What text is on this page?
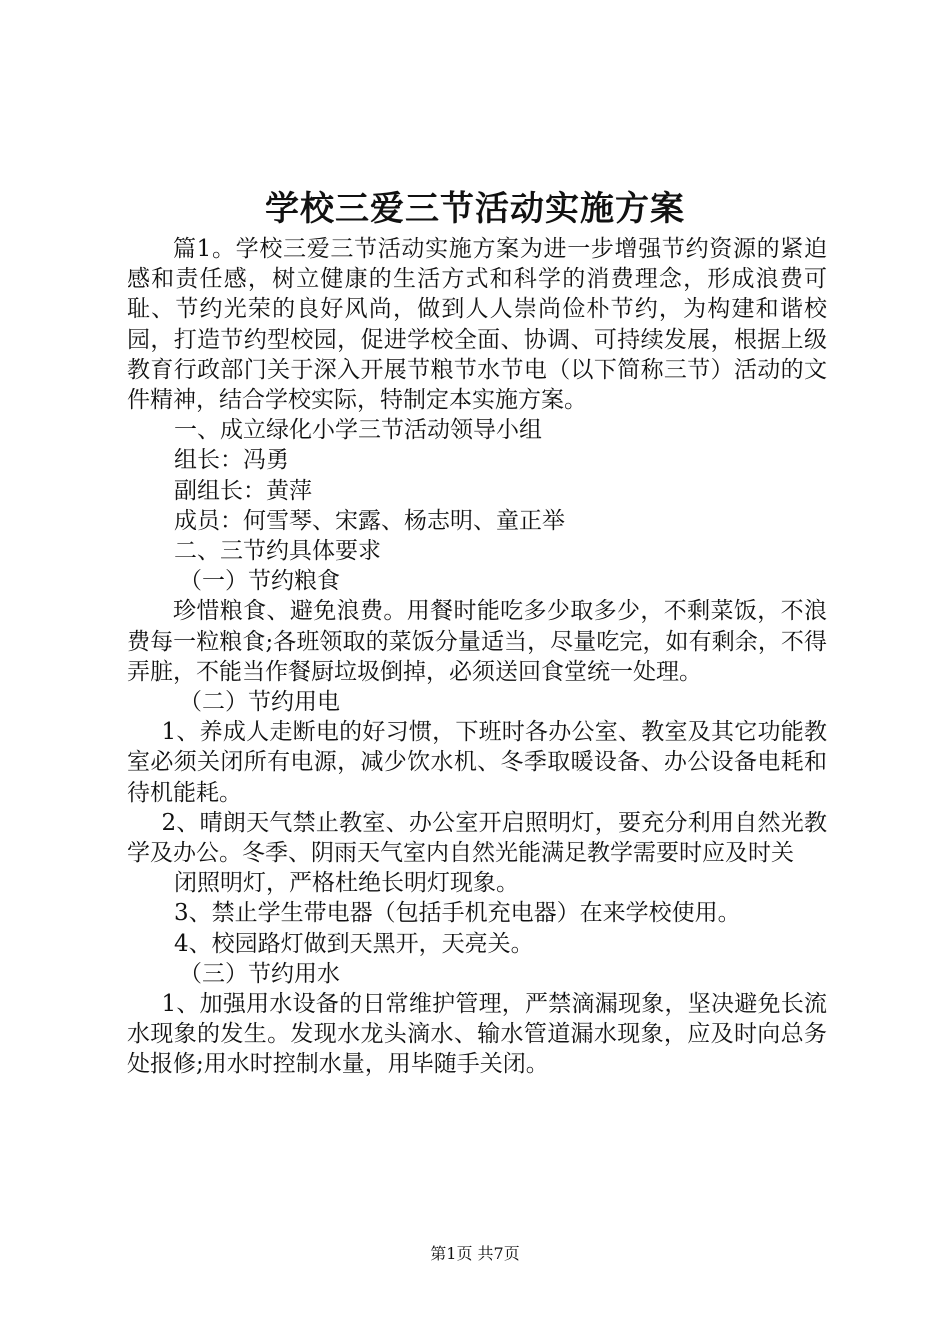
学校三爱三节活动实施方案

篇1。学校三爱三节活动实施方案为进一步增强节约资源的紧迫感和责任感，树立健康的生活方式和科学的消费理念，形成浪费可耻、节约光荣的良好风尚，做到人人崇尚俭朴节约，为构建和谐校园，打造节约型校园，促进学校全面、协调、可持续发展，根据上级教育行政部门关于深入开展节粮节水节电（以下简称三节）活动的文件精神，结合学校实际，特制定本实施方案。

一、成立绿化小学三节活动领导小组

组长：冯勇

副组长：黄萍

成员：何雪琴、宋露、杨志明、童正举

二、三节约具体要求

（一）节约粮食

珍惜粮食、避免浪费。用餐时能吃多少取多少，不剩菜饭，不浪费每一粒粮食;各班领取的菜饭分量适当，尽量吃完，如有剩余，不得弄脏，不能当作餐厨垃圾倒掉，必须送回食堂统一处理。

（二）节约用电

1、养成人走断电的好习惯，下班时各办公室、教室及其它功能教室必须关闭所有电源，减少饮水机、冬季取暖设备、办公设备电耗和待机能耗。

2、晴朗天气禁止教室、办公室开启照明灯，要充分利用自然光教学及办公。冬季、阴雨天气室内自然光能满足教学需要时应及时关

闭照明灯，严格杜绝长明灯现象。

3、禁止学生带电器（包括手机充电器）在来学校使用。

4、校园路灯做到天黑开，天亮关。

（三）节约用水

1、加强用水设备的日常维护管理，严禁滴漏现象，坚决避免长流水现象的发生。发现水龙头滴水、输水管道漏水现象，应及时向总务处报修;用水时控制水量，用毕随手关闭。

第1页 共7页
